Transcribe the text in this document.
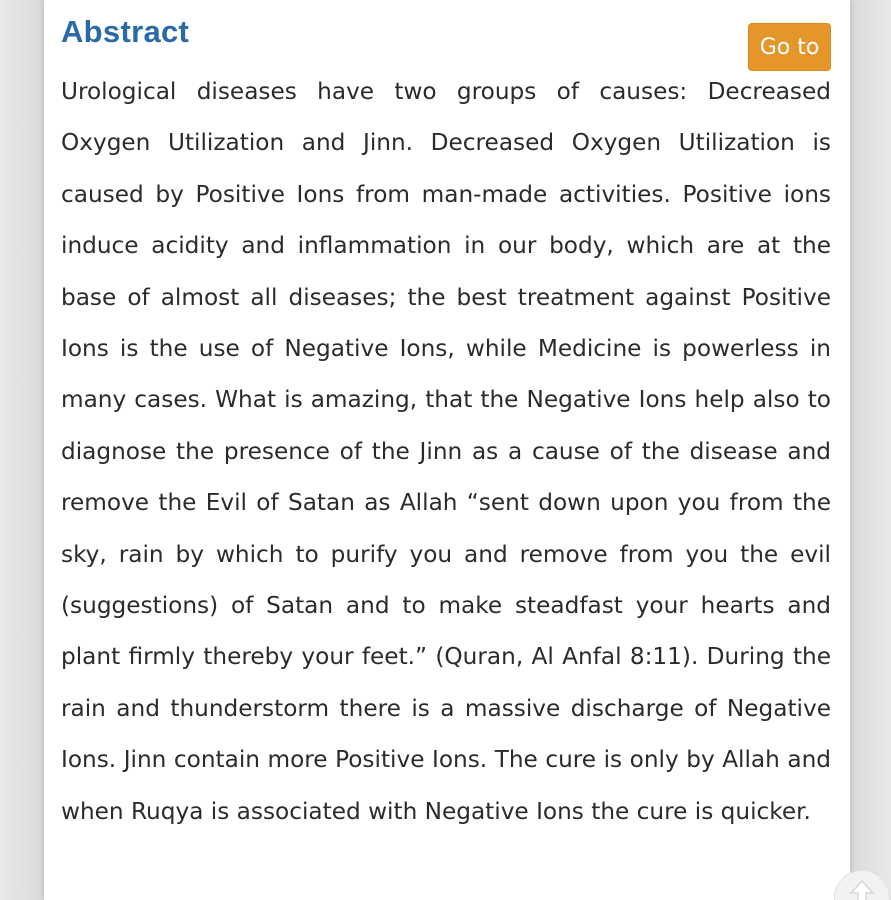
Abstract	Go to

Urological diseases have two groups of causes: Decreased Oxygen Utilization and Jinn. Decreased Oxygen Utilization is caused by Positive Ions from man-made activities. Positive ions induce acidity and inflammation in our body, which are at the base of almost all diseases; the best treatment against Positive Ions is the use of Negative Ions, while Medicine is powerless in many cases. What is amazing, that the Negative Ions help also to diagnose the presence of the Jinn as a cause of the disease and remove the Evil of Satan as Allah “sent down upon you from the sky, rain by which to purify you and remove from you the evil (suggestions) of Satan and to make steadfast your hearts and plant firmly thereby your feet.” (Quran, Al Anfal 8:11). During the rain and thunderstorm there is a massive discharge of Negative Ions. Jinn contain more Positive Ions. The cure is only by Allah and when Ruqya is associated with Negative Ions the cure is quicker.
